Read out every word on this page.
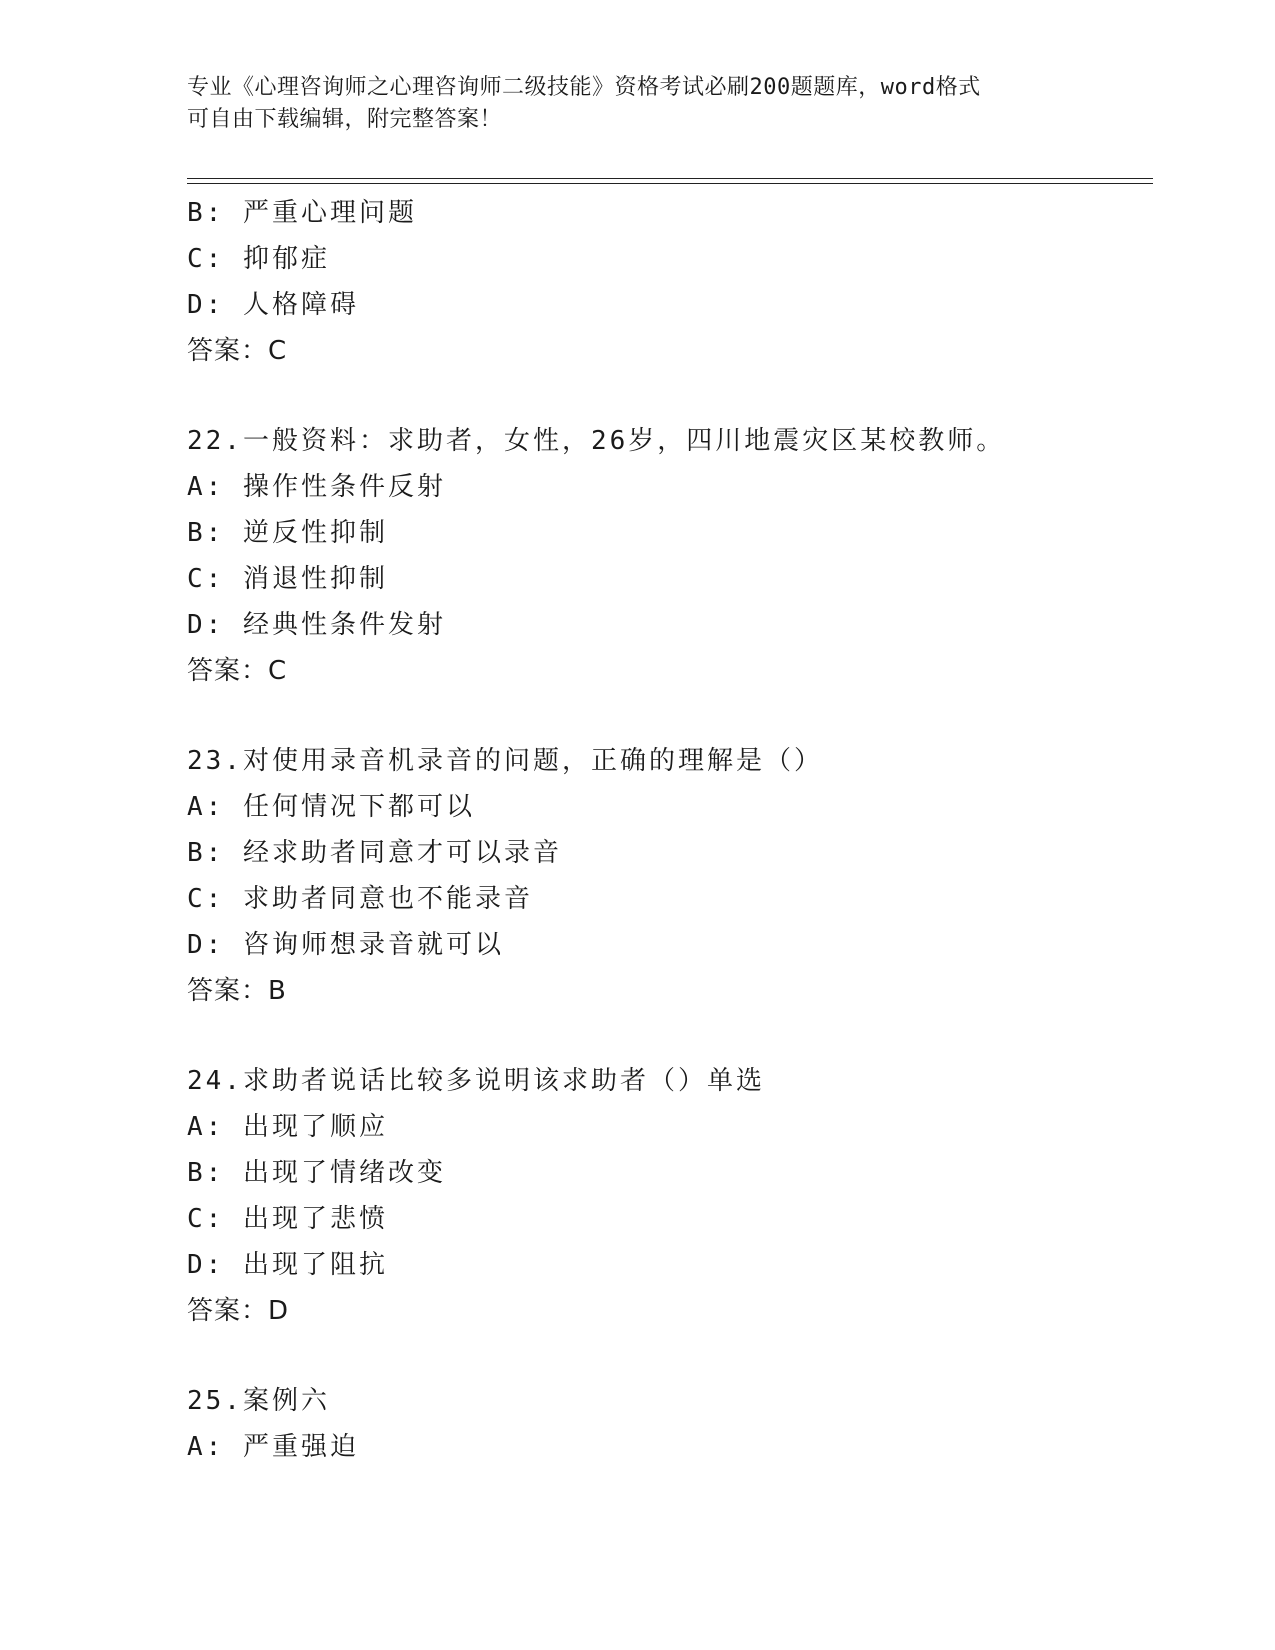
专业《心理咨询师之心理咨询师二级技能》资格考试必刷200题题库，word格式
可自由下载编辑，附完整答案！
B: 严重心理问题
C: 抑郁症
D: 人格障碍
答案：C
22.一般资料：求助者，女性，26岁，四川地震灾区某校教师。
A: 操作性条件反射
B: 逆反性抑制
C: 消退性抑制
D: 经典性条件发射
答案：C
23.对使用录音机录音的问题，正确的理解是（）
A: 任何情况下都可以
B: 经求助者同意才可以录音
C: 求助者同意也不能录音
D: 咨询师想录音就可以
答案：B
24.求助者说话比较多说明该求助者（）单选
A: 出现了顺应
B: 出现了情绪改变
C: 出现了悲愤
D: 出现了阻抗
答案：D
25.案例六
A: 严重强迫
